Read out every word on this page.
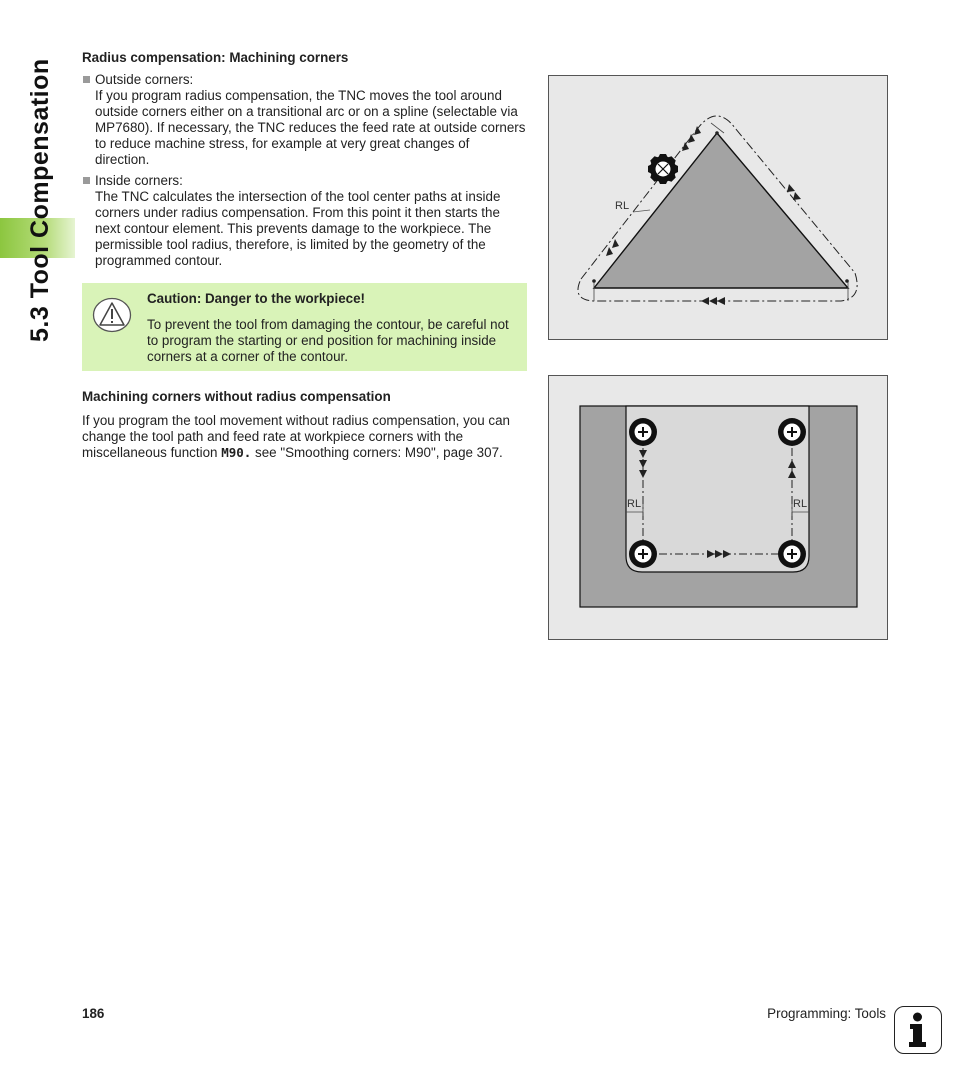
5.3 Tool Compensation
Radius compensation: Machining corners

Outside corners:

If you program radius compensation, the TNC moves the tool around outside corners either on a transitional arc or on a spline (selectable via MP7680). If necessary, the TNC reduces the feed rate at outside corners to reduce machine stress, for example at very great changes of direction.

Inside corners:

The TNC calculates the intersection of the tool center paths at inside corners under radius compensation. From this point it then starts the next contour element. This prevents damage to the workpiece. The permissible tool radius, therefore, is limited by the geometry of the programmed contour.

Caution: Danger to the workpiece!

To prevent the tool from damaging the contour, be careful not to program the starting or end position for machining inside corners at a corner of the contour.

Machining corners without radius compensation

If you program the tool movement without radius compensation, you can change the tool path and feed rate at workpiece corners with the miscellaneous function M90. see "Smoothing corners: M90", page 307.

RL
RL	RL
186	Programming: Tools
